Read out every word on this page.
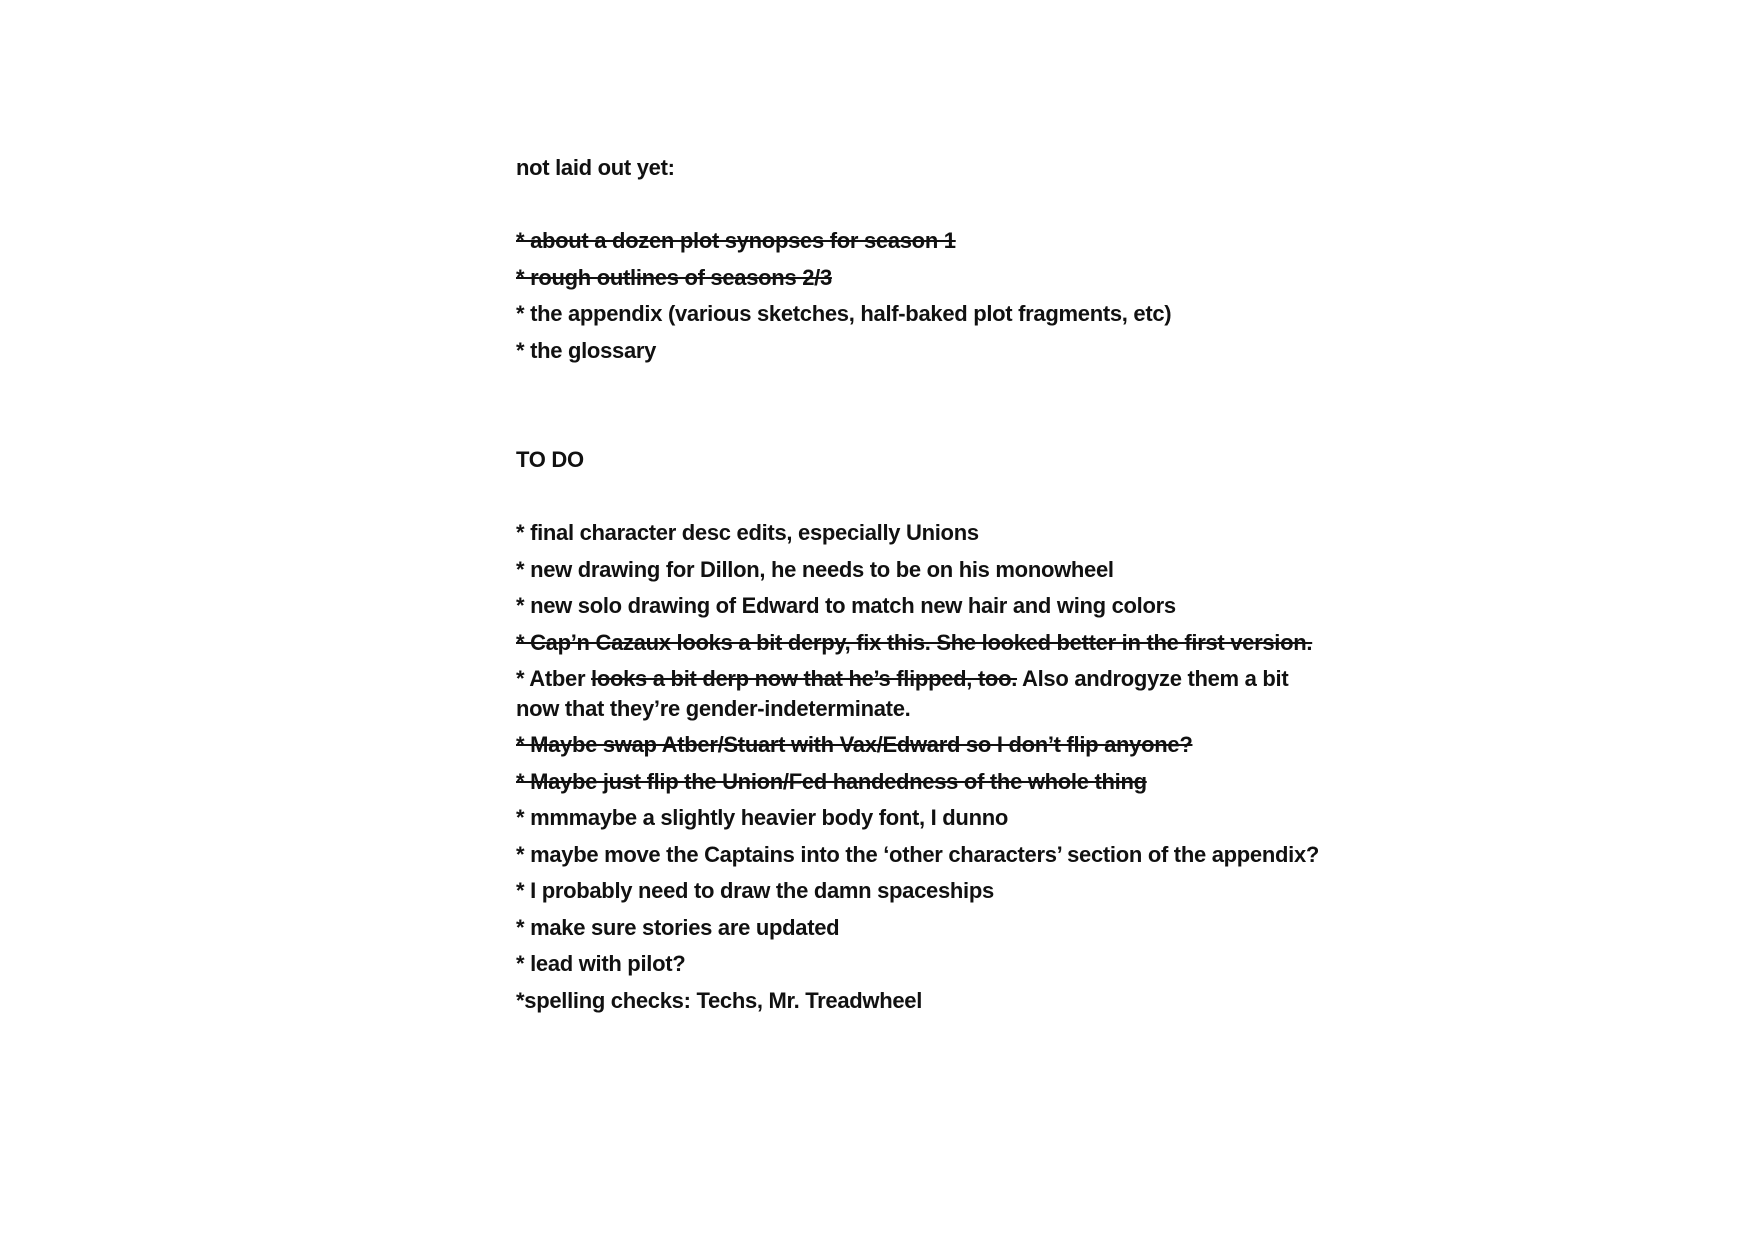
not laid out yet:
* about a dozen plot synopses for season 1
* rough outlines of seasons 2/3
* the appendix (various sketches, half-baked plot fragments, etc)
* the glossary
TO DO
* final character desc edits, especially Unions
* new drawing for Dillon, he needs to be on his monowheel
* new solo drawing of Edward to match new hair and wing colors
* Cap’n Cazaux looks a bit derpy, fix this. She looked better in the first version.
* Atber looks a bit derp now that he’s flipped, too. Also androgyze them a bit now that they’re gender-indeterminate.
* Maybe swap Atber/Stuart with Vax/Edward so I don’t flip anyone?
* Maybe just flip the Union/Fed handedness of the whole thing
* mmmaybe a slightly heavier body font, I dunno
* maybe move the Captains into the ‘other characters’ section of the appendix?
* I probably need to draw the damn spaceships
* make sure stories are updated
* lead with pilot?
*spelling checks: Techs, Mr. Treadwheel
